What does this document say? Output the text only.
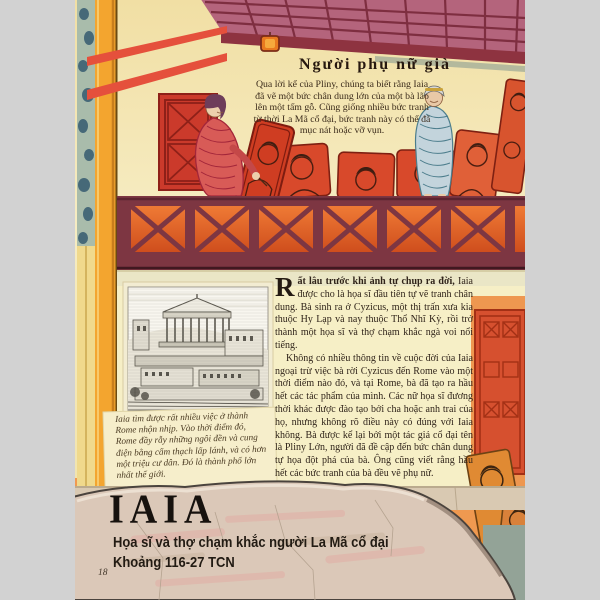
Người phụ nữ già
Qua lời kể của Pliny, chúng ta biết rằng Iaia đã vẽ một bức chân dung lớn của một bà lão lên một tấm gỗ. Cũng giống nhiều bức tranh từ thời La Mã cổ đại, bức tranh này có thể đã mục nát hoặc vỡ vụn.

Rất lâu trước khi ảnh tự chụp ra đời, Iaia được cho là họa sĩ đầu tiên tự vẽ tranh chân dung. Bà sinh ra ở Cyzicus, một thị trấn xưa kia thuộc Hy Lạp và nay thuộc Thổ Nhĩ Kỳ, rồi trở thành một họa sĩ và thợ chạm khắc ngà voi nổi tiếng.

Không có nhiều thông tin về cuộc đời của Iaia ngoại trừ việc bà rời Cyzicus đến Rome vào một thời điểm nào đó, và tại Rome, bà đã tạo ra hầu hết các tác phẩm của mình. Các nữ họa sĩ đương thời khác được đào tạo bởi cha hoặc anh trai của họ, nhưng không rõ điều này có đúng với Iaia không. Bà được kể lại bởi một tác giả cổ đại tên là Pliny Lớn, người đã đề cập đến bức chân dung tự họa đột phá của bà. Ông cũng viết rằng hầu hết các bức tranh của bà đều vẽ phụ nữ.

Iaia tìm được rất nhiều việc ở thành Rome nhộn nhịp. Vào thời điểm đó, Rome đầy rẫy những ngôi đền và cung điện bằng cẩm thạch lấp lánh, và có hơn một triệu cư dân. Đó là thành phố lớn nhất thế giới.
IAIA
Họa sĩ và thợ chạm khắc người La Mã cổ đại
Khoảng 116-27 TCN
18
